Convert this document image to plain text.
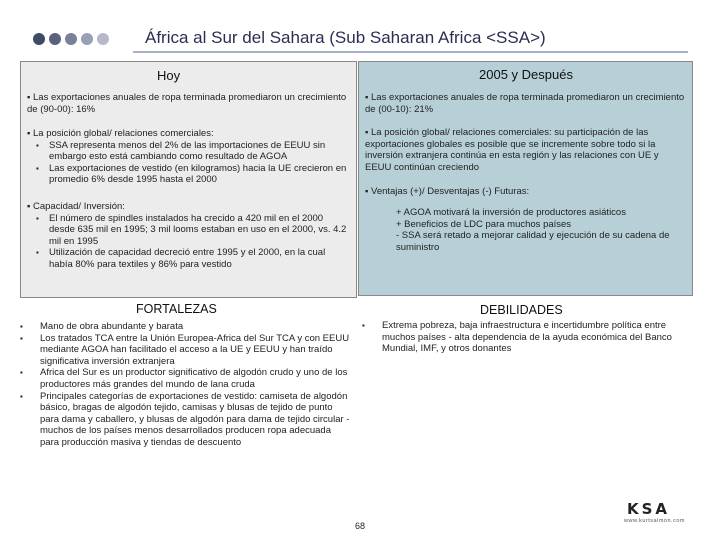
África al Sur del Sahara (Sub Saharan Africa <SSA>)
Hoy
▪ Las exportaciones anuales de ropa terminada promediaron un crecimiento de (90-00): 16%
▪ La posición global/ relaciones comerciales:
▪ SSA representa menos del 2% de las importaciones de EEUU sin embargo esto está cambiando como resultado de AGOA
▪ Las exportaciones de vestido (en kilogramos) hacia la UE crecieron en promedio 6% desde 1995 hasta el 2000
▪ Capacidad/ Inversión:
▪ El número de spindles instalados ha crecido a 420 mil en el 2000 desde 635 mil en 1995; 3 mil looms estaban en uso en el 2000, vs. 4.2 mil en 1995
▪ Utilización de capacidad decreció entre 1995 y el 2000, en la cual había 80% para textiles y 86% para vestido
2005 y Después
▪ Las exportaciones anuales de ropa terminada promediaron un crecimiento de (00-10): 21%
▪ La posición global/ relaciones comerciales: su participación de las exportaciones globales es posible que se incremente sobre todo si la inversión extranjera continúa en esta región y las relaciones con UE y EEUU continúan creciendo
▪ Ventajas (+)/ Desventajas (-) Futuras:
+ AGOA motivará la inversión de productores asiáticos
+ Beneficios de LDC para muchos países
- SSA será retado a mejorar calidad y ejecución de su cadena de suministro
FORTALEZAS
▪ Mano de obra abundante y barata
▪ Los tratados TCA entre la Unión Europea-Africa del Sur TCA y con EEUU mediante AGOA han facilitado el acceso a la UE y EEUU y han traído significativa inversión extranjera
▪ Africa del Sur es un productor significativo de algodón crudo y uno de los productores más grandes del mundo de lana cruda
▪ Principales categorías de exportaciones de vestido: camiseta de algodón básico, bragas de algodón tejido, camisas y blusas de tejido de punto para dama y caballero, y blusas de algodón para dama de tejido circular - muchos de los países menos desarrollados producen ropa adecuada para producción masiva y tiendas de descuento
DEBILIDADES
▪ Extrema pobreza, baja infraestructura e incertidumbre política entre muchos países - alta dependencia de la ayuda económica del Banco Mundial, IMF, y otros donantes
68
KSA
www.kurtsalmon.com
